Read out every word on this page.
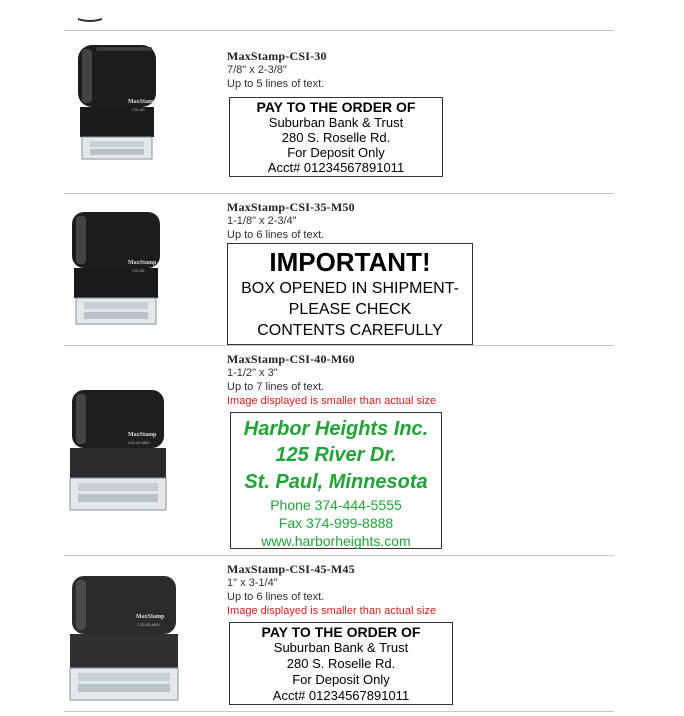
MaxStamp
CSI-30
MaxStamp-CSI-30
7/8" x 2-3/8"
Up to 5 lines of text.
PAY TO THE ORDER OF
Suburban Bank & Trust
280 S. Roselle Rd.
For Deposit Only
Acct# 01234567891011
MaxStamp
CSI-35
MaxStamp-CSI-35-M50
1-1/8" x 2-3/4"
Up to 6 lines of text.
IMPORTANT!
BOX OPENED IN SHIPMENT-
PLEASE CHECK
CONTENTS CAREFULLY
MaxStamp
CSI-40-M60
MaxStamp-CSI-40-M60
1-1/2" x 3"
Up to 7 lines of text.
Image displayed is smaller than actual size
Harbor Heights Inc.
125 River Dr.
St. Paul, Minnesota
Phone 374-444-5555
Fax 374-999-8888
www.harborheights.com
MaxStamp
CSI-45-M45
MaxStamp-CSI-45-M45
1" x 3-1/4"
Up to 6 lines of text.
Image displayed is smaller than actual size
PAY TO THE ORDER OF
Suburban Bank & Trust
280 S. Roselle Rd.
For Deposit Only
Acct# 01234567891011
